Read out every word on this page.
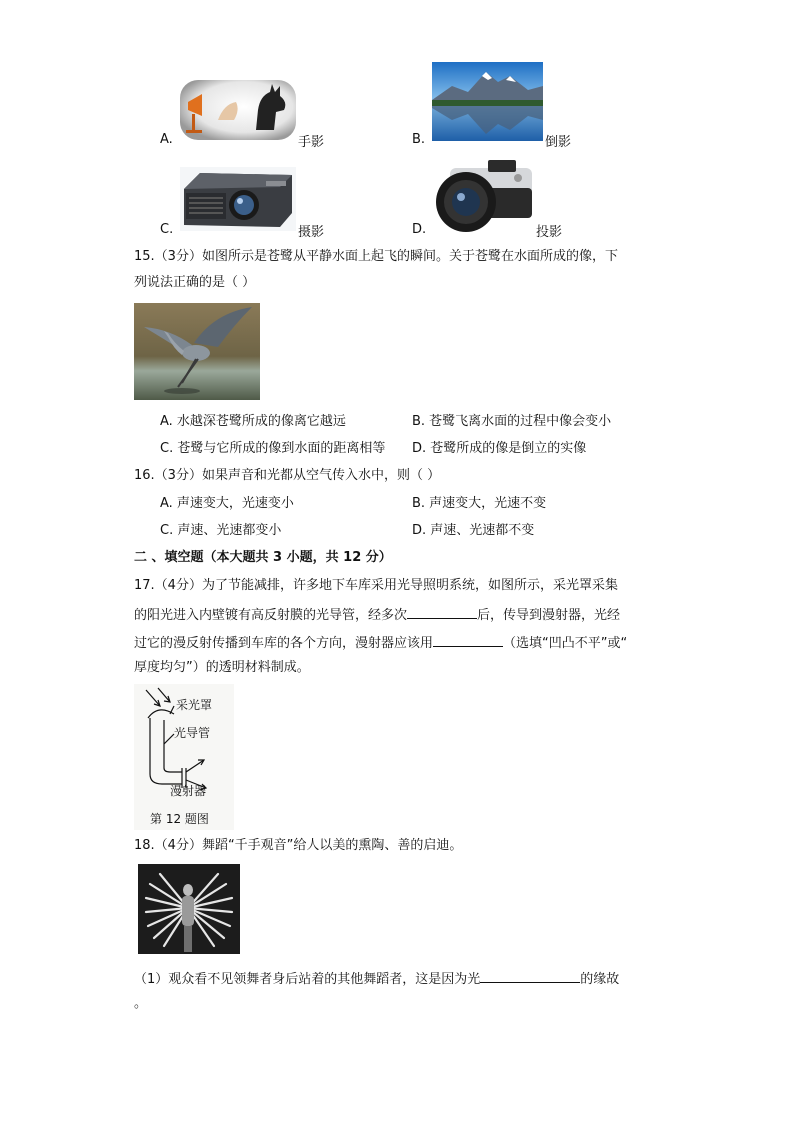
A.	手影	B.	倒影
C.	摄影	D.	投影
15.（3分）如图所示是苍鹭从平静水面上起飞的瞬间。关于苍鹭在水面所成的像，下
列说法正确的是（ ）
A. 水越深苍鹭所成的像离它越远	B. 苍鹭飞离水面的过程中像会变小
C. 苍鹭与它所成的像到水面的距离相等 D. 苍鹭所成的像是倒立的实像
16.（3分）如果声音和光都从空气传入水中，则（ ）
A. 声速变大，光速变小	B. 声速变大，光速不变
C. 声速、光速都变小	D. 声速、光速都不变
二 、填空题（本大题共 3 小题，共 12 分）
17.（4分）为了节能减排，许多地下车库采用光导照明系统，如图所示，采光罩采集
的阳光进入内壁镀有高反射膜的光导管，经多次	后，传导到漫射器，光经
过它的漫反射传播到车库的各个方向，漫射器应该用	（选填“凹凸不平”或“
厚度均匀”）的透明材料制成。
采光罩
光导管
漫射器
第 12 题图
18.（4分）舞蹈“千手观音”给人以美的熏陶、善的启迪。
（1）观众看不见领舞者身后站着的其他舞蹈者，这是因为光	的缘故
。
